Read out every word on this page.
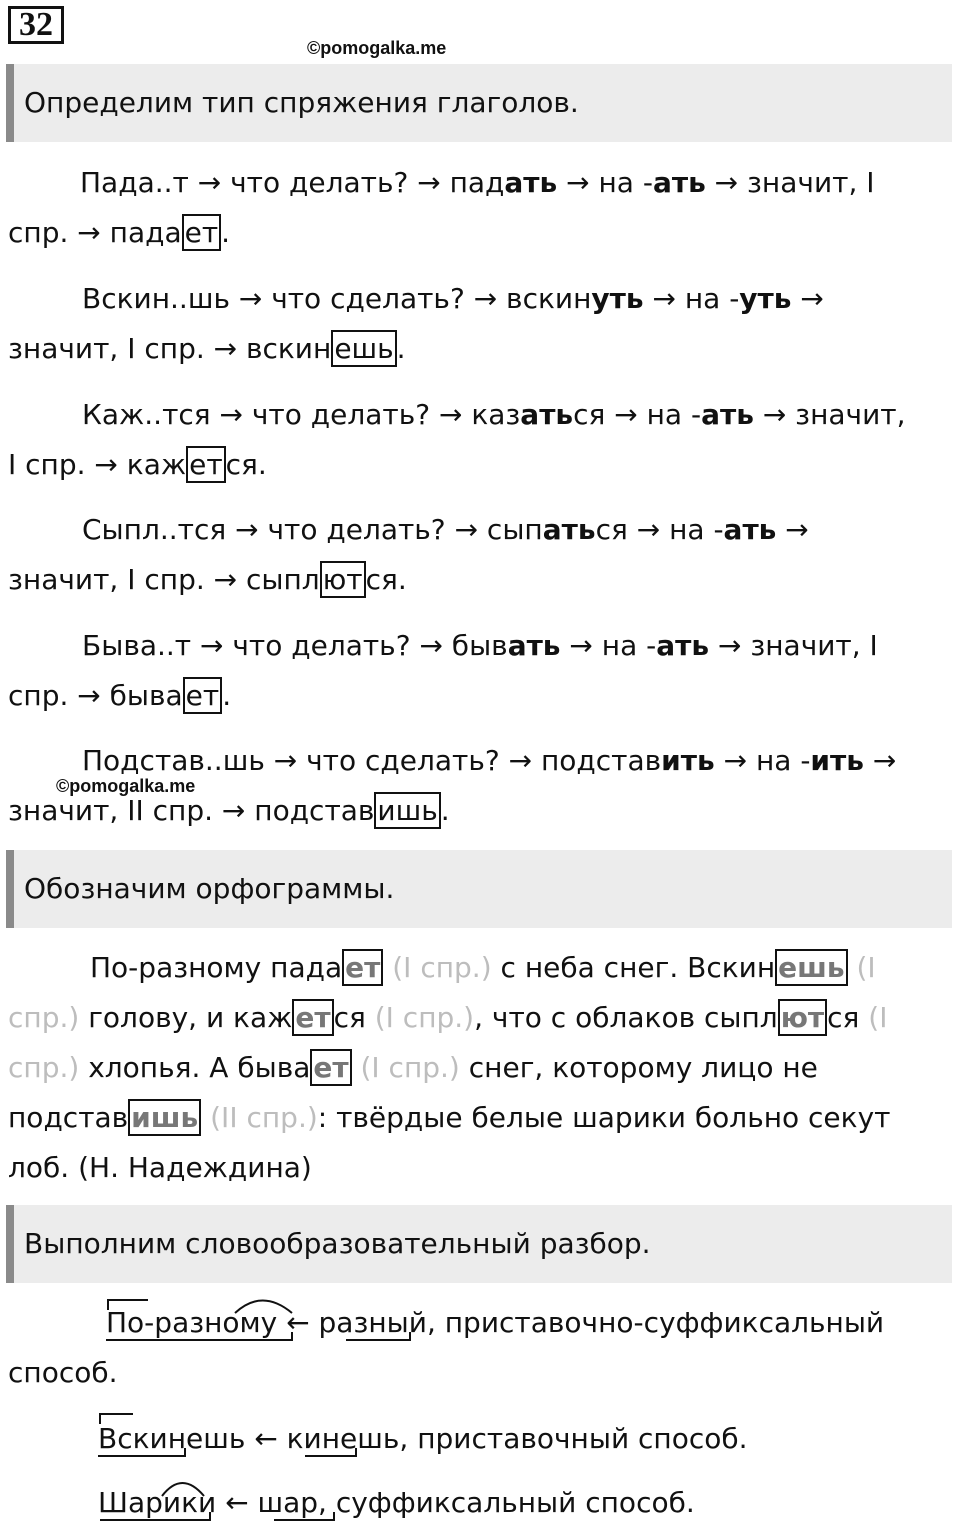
32
©pomogalka.me
Определим тип спряжения глаголов.
Пада..т → что делать? → падать → на -ать → значит, I
спр. → пада ет .
Вскин..шь → что сделать? → вскинуть → на -уть →
значит, I спр. → вскин ешь .
Каж..тся → что делать? → казаться → на -ать → значит,
I спр. → каж ет ся.
Сыпл..тся → что делать? → сыпаться → на -ать →
значит, I спр. → сыпл ют ся.
Быва..т → что делать? → бывать → на -ать → значит, I
спр. → быва ет .
Подстав..шь → что сделать? → подставить → на -ить →
значит, II спр. → подстав ишь .
©pomogalka.me
Обозначим орфограммы.
По-разному пада ет (I спр.) с неба снег. Вскин ешь (I
спр.) голову, и каж ет ся (I спр.), что с облаков сыпл ют ся (I
спр.) хлопья. А быва ет (I спр.) снег, которому лицо не
подстав ишь (II спр.): твёрдые белые шарики больно секут
лоб. (Н. Надеждина)
Выполним словообразовательный разбор.
По-разному ← разный, приставочно-суффиксальный
способ.
Вскинешь ← кинешь, приставочный способ.
Шарики ← шар, суффиксальный способ.
